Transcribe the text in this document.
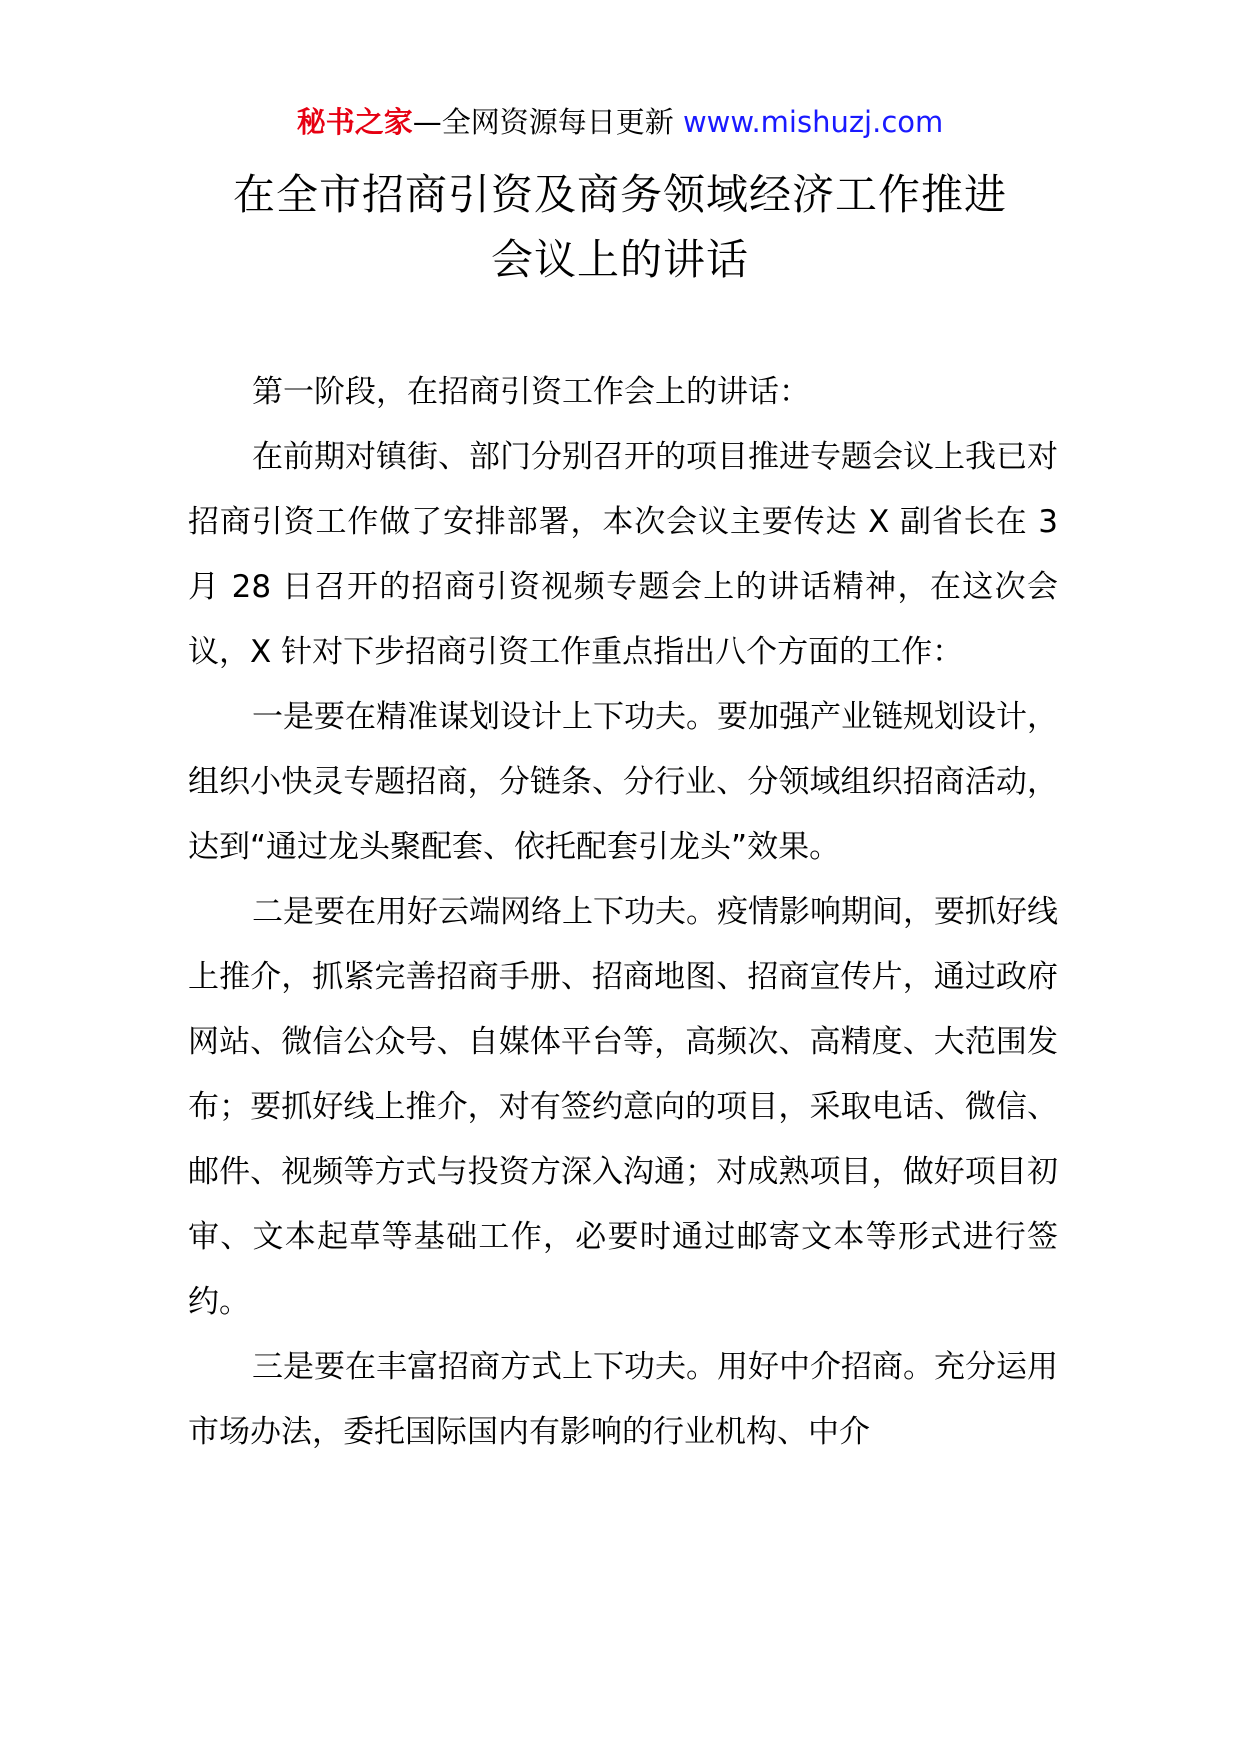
秘书之家—全网资源每日更新 www.mishuzj.com
在全市招商引资及商务领域经济工作推进
会议上的讲话

第一阶段，在招商引资工作会上的讲话：

在前期对镇街、部门分别召开的项目推进专题会议上我已对招商引资工作做了安排部署，本次会议主要传达 X 副省长在 3 月 28 日召开的招商引资视频专题会上的讲话精神，在这次会议，X 针对下步招商引资工作重点指出八个方面的工作：

一是要在精准谋划设计上下功夫。要加强产业链规划设计，组织小快灵专题招商，分链条、分行业、分领域组织招商活动，达到“通过龙头聚配套、依托配套引龙头”效果。

二是要在用好云端网络上下功夫。疫情影响期间，要抓好线上推介，抓紧完善招商手册、招商地图、招商宣传片，通过政府网站、微信公众号、自媒体平台等，高频次、高精度、大范围发布；要抓好线上推介，对有签约意向的项目，采取电话、微信、邮件、视频等方式与投资方深入沟通；对成熟项目，做好项目初审、文本起草等基础工作，必要时通过邮寄文本等形式进行签约。

三是要在丰富招商方式上下功夫。用好中介招商。充分运用市场办法，委托国际国内有影响的行业机构、中介
